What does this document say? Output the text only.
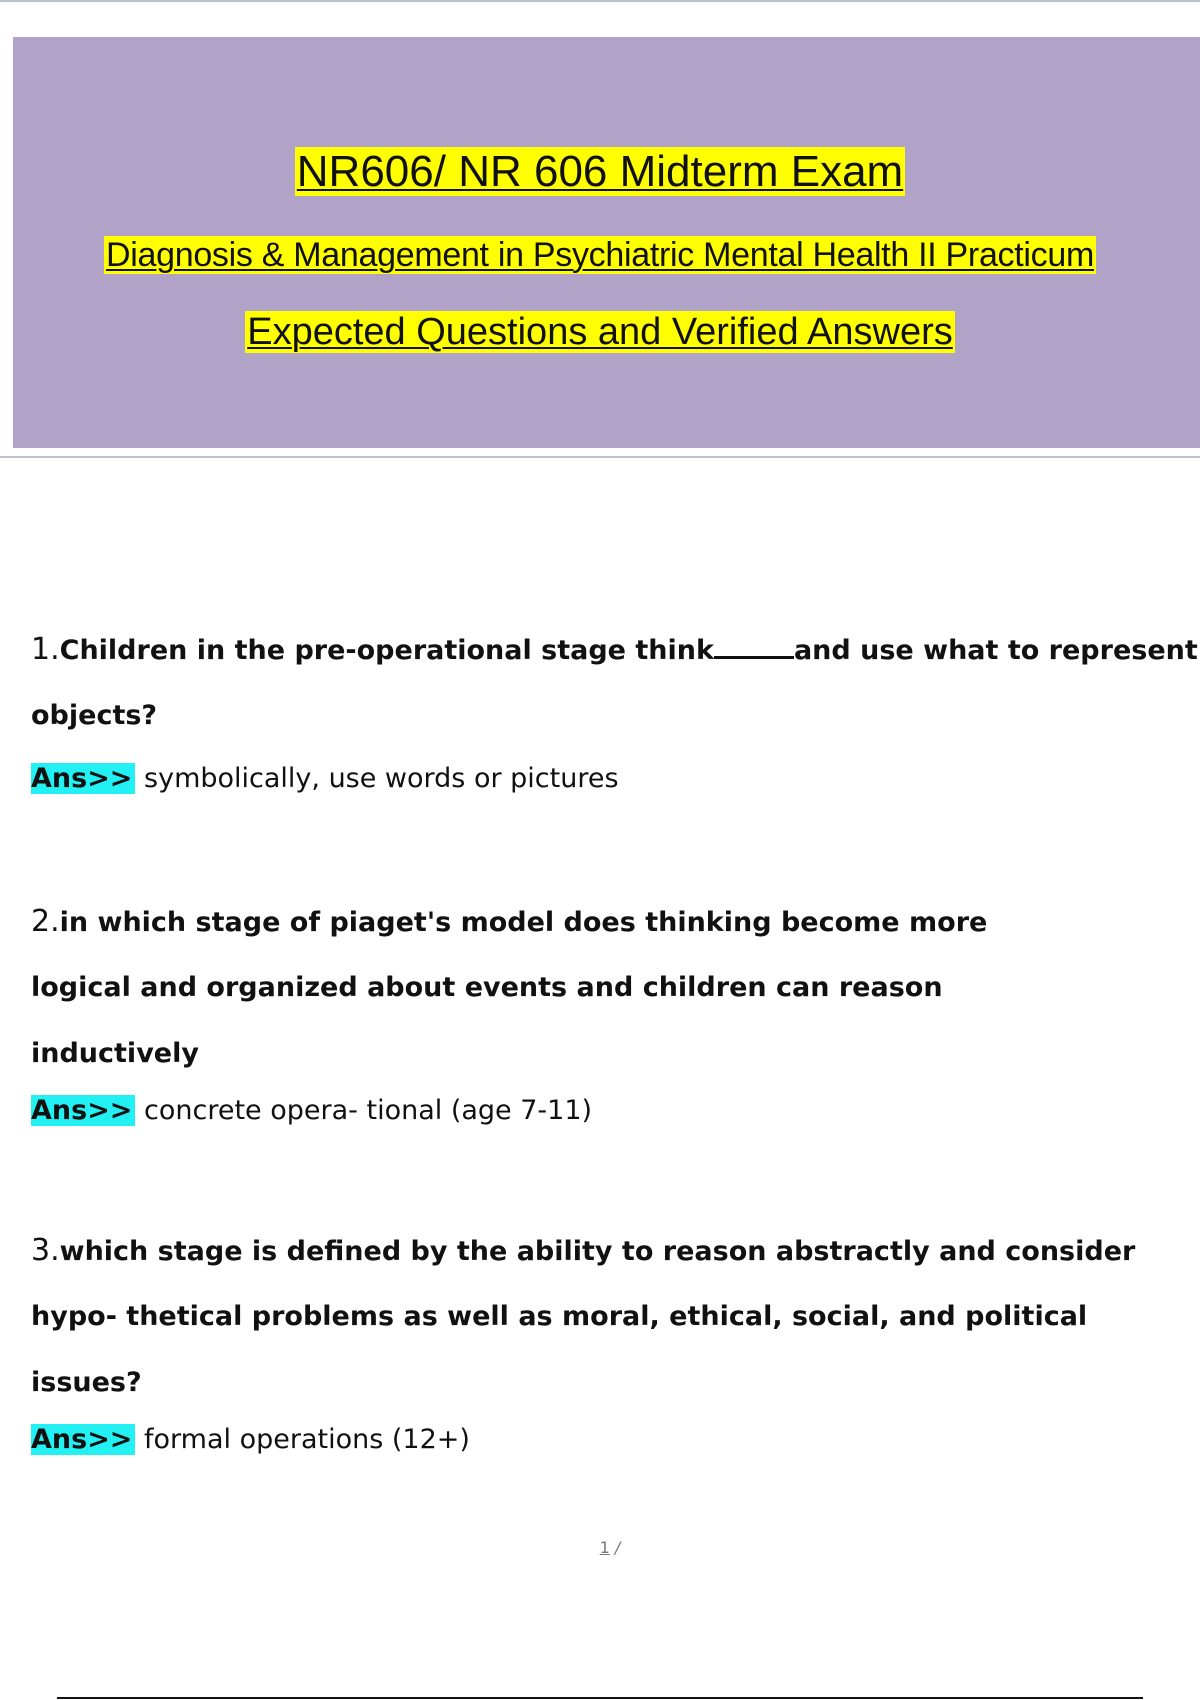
NR606/ NR 606 Midterm Exam
Diagnosis & Management in Psychiatric Mental Health II Practicum
Expected Questions and Verified Answers
1.Children in the pre-operational stage think	and use what to represent
objects?
Ans>> symbolically, use words or pictures
2.in which stage of piaget's model does thinking become more
logical and organized about events and children can reason
inductively
Ans>> concrete opera- tional (age 7-11)
3.which stage is defined by the ability to reason abstractly and consider
hypo- thetical problems as well as moral, ethical, social, and political
issues?
Ans>> formal operations (12+)
1 /
